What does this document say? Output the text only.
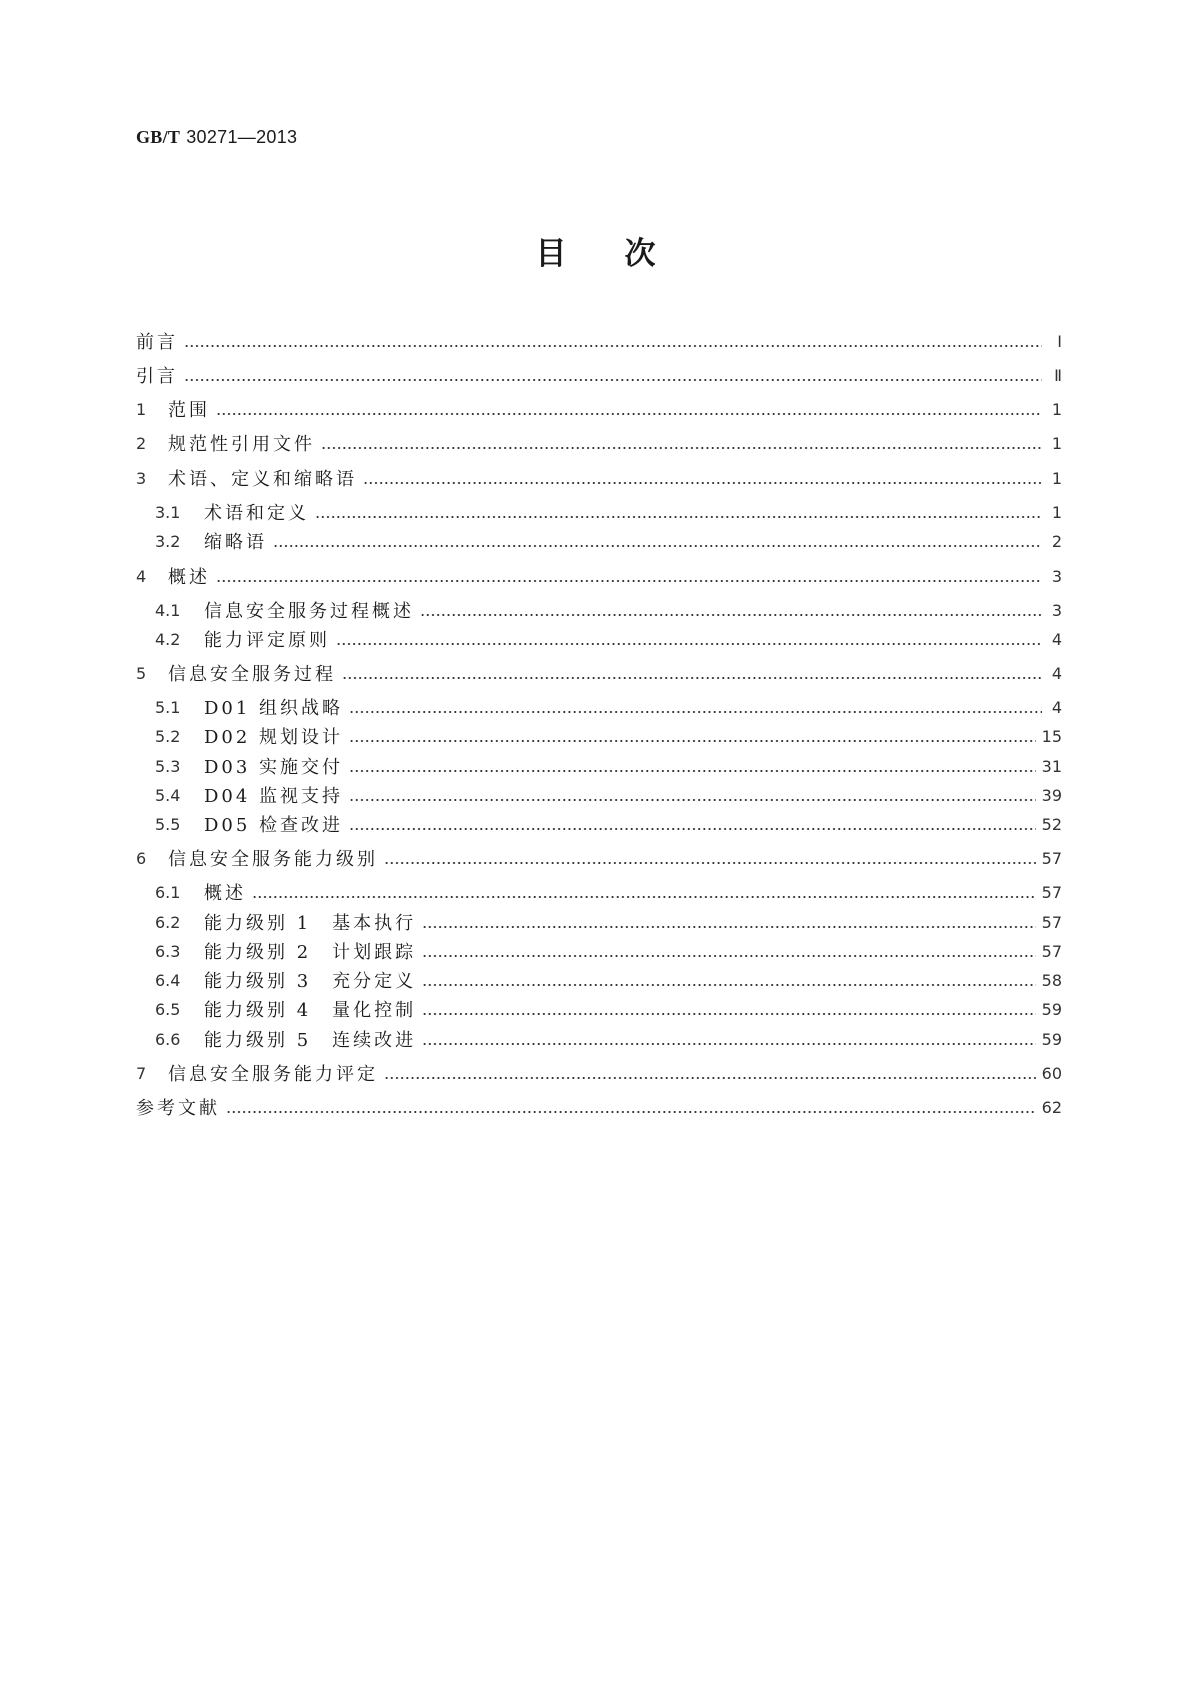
GB/T 30271—2013
目次
前言	Ⅰ
引言	Ⅱ
1	范围	1
2	规范性引用文件	1
3	术语、定义和缩略语	1
3.1	术语和定义	1
3.2	缩略语	2
4	概述	3
4.1	信息安全服务过程概述	3
4.2	能力评定原则	4
5	信息安全服务过程	4
5.1	D01 组织战略	4
5.2	D02 规划设计	15
5.3	D03 实施交付	31
5.4	D04 监视支持	39
5.5	D05 检查改进	52
6	信息安全服务能力级别	57
6.1	概述	57
6.2	能力级别 1　基本执行	57
6.3	能力级别 2　计划跟踪	57
6.4	能力级别 3　充分定义	58
6.5	能力级别 4　量化控制	59
6.6	能力级别 5　连续改进	59
7	信息安全服务能力评定	60
参考文献	62
